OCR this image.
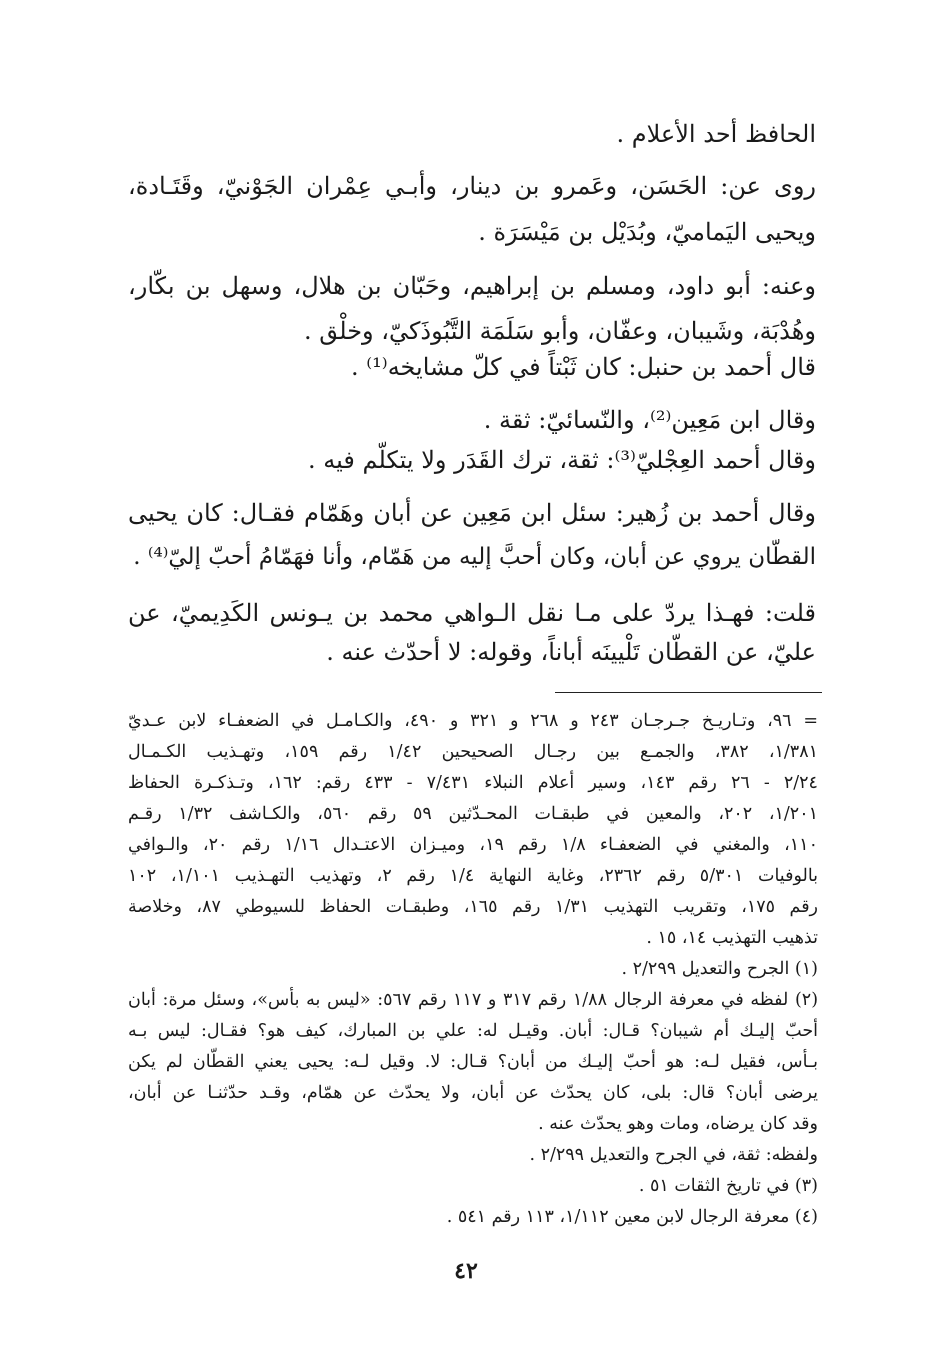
الحافظ أحد الأعلام .
روى عن: الحَسَن، وعَمرو بن دينار، وأبـي عِمْران الجَوْنيّ، وقَتَـادة،
ويحيى اليَماميّ، وبُدَيْل بن مَيْسَرَة .
وعنه: أبو داود، ومسلم بن إبراهيم، وحَبّان بن هلال، وسهل بن بكّار،
وهُدْبَة، وشَيبان، وعفّان، وأبو سَلَمَة التَّبُوذَكيّ، وخلْق .
قال أحمد بن حنبل: كان ثَبْتاً في كلّ مشايخه⁽¹⁾ .
وقال ابن مَعِين⁽²⁾، والنّسائيّ: ثقة .
وقال أحمد العِجْليّ⁽³⁾: ثقة، ترك القَدَر ولا يتكلّم فيه .
وقال أحمد بن زُهير: سئل ابن مَعِين عن أبان وهَمّام فقـال: كان يحيى
القطّان يروي عن أبان، وكان أحبَّ إليه من هَمّام، وأنا فهَمّامُ أحبّ إليّ⁽⁴⁾ .
قلت: فهـذا يردّ على مـا نقل الـواهي محمد بن يـونس الكَدِيميّ، عن
عليّ، عن القطّان تَلْيينَه أباناً، وقوله: لا أحدّث عنه .
= ٩٦، وتـاريـخ جـرجـان ٢٤٣ و ٢٦٨ و ٣٢١ و ٤٩٠، والكـامـل في الضعفـاء لابن عـديّ
١/٣٨١، ٣٨٢، والجمـع بين رجـال الصحيحين ١/٤٢ رقم ١٥٩، وتهـذيب الكـمـال
٢/٢٤ - ٢٦ رقم ١٤٣، وسير أعلام النبلاء ٧/٤٣١ - ٤٣٣ رقم: ١٦٢، وتـذكـرة الحفاظ
١/٢٠١، ٢٠٢، والمعين في طبقـات المحـدّثين ٥٩ رقم ٥٦٠، والكـاشف ١/٣٢ رقـم
١١٠، والمغني في الضعفـاء ١/٨ رقم ١٩، وميـزان الاعتـدال ١/١٦ رقم ٢٠، والـوافي
بالوفيات ٥/٣٠١ رقم ٢٣٦٢، وغاية النهاية ١/٤ رقم ٢، وتهذيب التهـذيب ١/١٠١، ١٠٢
رقم ١٧٥، وتقريب التهذيب ١/٣١ رقم ١٦٥، وطبقـات الحفاظ للسيوطي ٨٧، وخلاصة
تذهيب التهذيب ١٤، ١٥ .
(١) الجرح والتعديل ٢/٢٩٩ .
(٢) لفظه في معرفة الرجال ١/٨٨ رقم ٣١٧ و ١١٧ رقم ٥٦٧: «ليس به بأس»، وسئل مرة: أبان
أحبّ إليـك أم شيبان؟ قـال: أبان. وقيـل له: علي بن المبارك، كيف هو؟ فقـال: ليس بـه
بـأس، فقيل لـه: هو أحبّ إليـك من أبان؟ قـال: لا. وقيل لـه: يحيى يعني القطّان لم يكن
يرضى أبان؟ قال: بلى، كان يحدّث عن أبان، ولا يحدّث عن همّام، وقـد حدّثنـا عن أبان،
وقد كان يرضاه، ومات وهو يحدّث عنه .
ولفظه: ثقة، في الجرح والتعديل ٢/٢٩٩ .
(٣) في تاريخ الثقات ٥١ .
(٤) معرفة الرجال لابن معين ١/١١٢، ١١٣ رقم ٥٤١ .
٤٢
